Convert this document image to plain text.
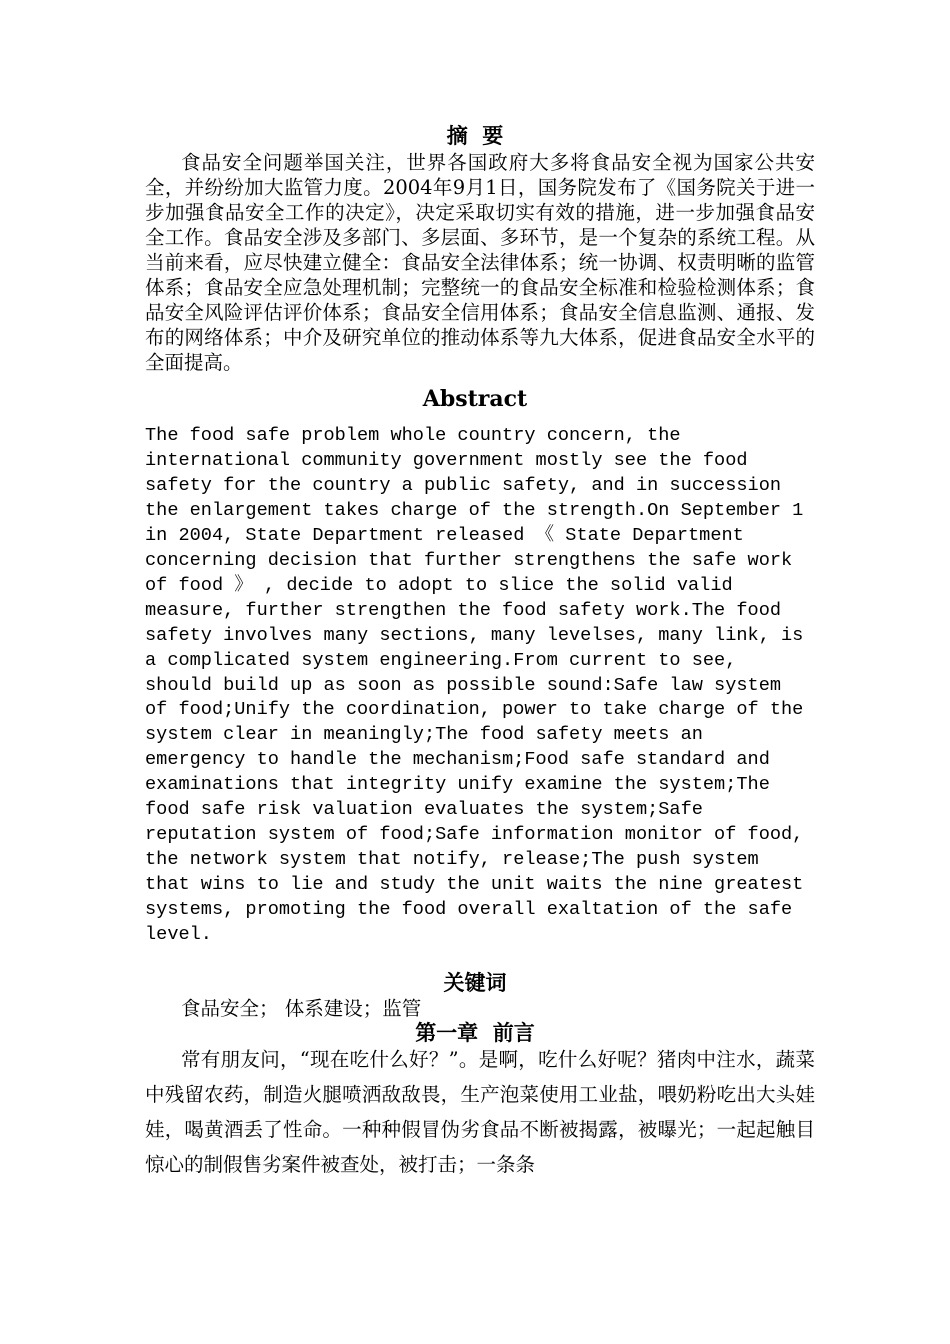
摘  要

食品安全问题举国关注，世界各国政府大多将食品安全视为国家公共安全，并纷纷加大监管力度。2004年9月1日，国务院发布了《国务院关于进一步加强食品安全工作的决定》，决定采取切实有效的措施，进一步加强食品安全工作。食品安全涉及多部门、多层面、多环节，是一个复杂的系统工程。从当前来看，应尽快建立健全：食品安全法律体系；统一协调、权责明晰的监管体系；食品安全应急处理机制；完整统一的食品安全标准和检验检测体系；食品安全风险评估评价体系；食品安全信用体系；食品安全信息监测、通报、发布的网络体系；中介及研究单位的推动体系等九大体系，促进食品安全水平的全面提高。

Abstract

The food safe problem whole country concern, the
international community government mostly see the food
safety for the country a public safety, and in succession
the enlargement takes charge of the strength.On September 1
in 2004, State Department released 《 State Department
concerning decision that further strengthens the safe work
of food 》 , decide to adopt to slice the solid valid
measure, further strengthen the food safety work.The food
safety involves many sections, many levelses, many link, is
a complicated system engineering.From current to see,
should build up as soon as possible sound:Safe law system
of food;Unify the coordination, power to take charge of the
system clear in meaningly;The food safety meets an
emergency to handle the mechanism;Food safe standard and
examinations that integrity unify examine the system;The
food safe risk valuation evaluates the system;Safe
reputation system of food;Safe information monitor of food,
the network system that notify, release;The push system
that wins to lie and study the unit waits the nine greatest
systems, promoting the food overall exaltation of the safe
level.

关键词

食品安全； 体系建设；监管

第一章  前言

常有朋友问，“现在吃什么好？”。是啊，吃什么好呢？猪肉中注水，蔬菜中残留农药，制造火腿喷洒敌敌畏，生产泡菜使用工业盐，喂奶粉吃出大头娃娃，喝黄酒丢了性命。一种种假冒伪劣食品不断被揭露，被曝光；一起起触目惊心的制假售劣案件被查处，被打击；一条条
